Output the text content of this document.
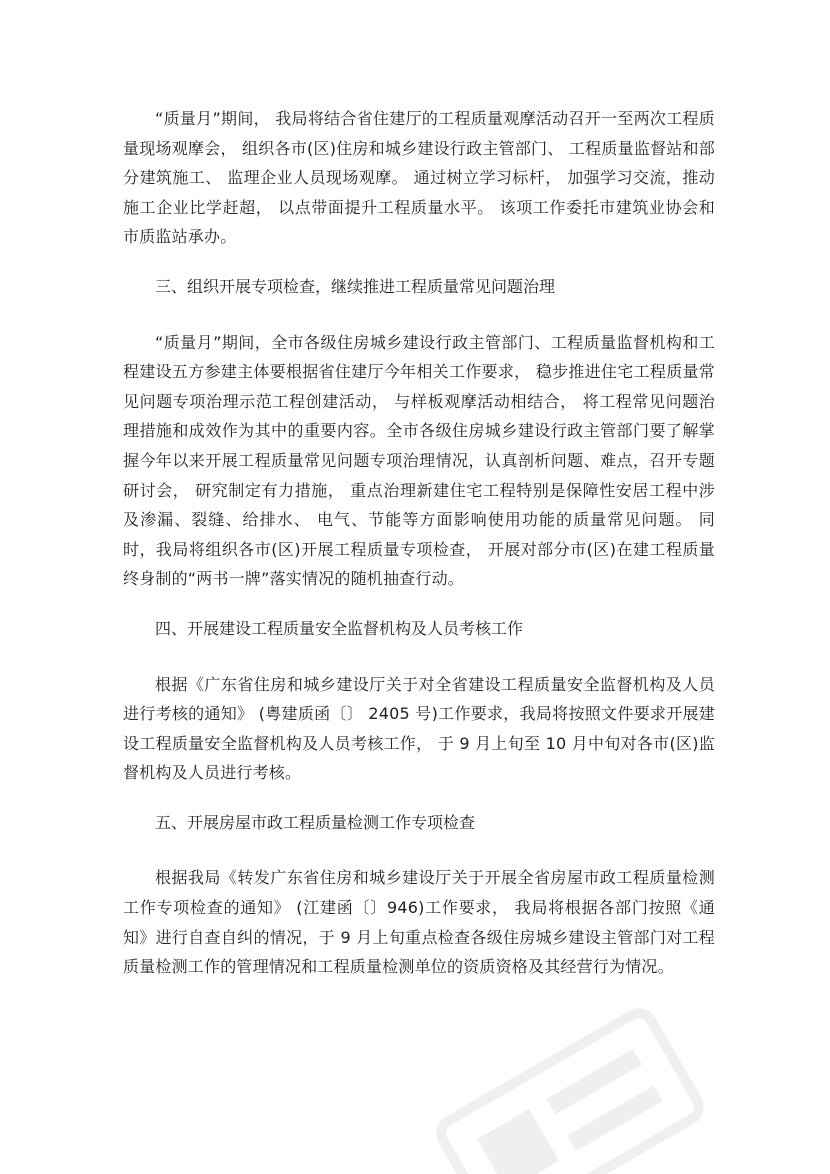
“质量月”期间， 我局将结合省住建厅的工程质量观摩活动召开一至两次工程质量现场观摩会， 组织各市(区)住房和城乡建设行政主管部门、 工程质量监督站和部分建筑施工、 监理企业人员现场观摩。 通过树立学习标杆， 加强学习交流，推动施工企业比学赶超， 以点带面提升工程质量水平。 该项工作委托市建筑业协会和市质监站承办。

三、组织开展专项检查，继续推进工程质量常见问题治理

“质量月”期间，全市各级住房城乡建设行政主管部门、工程质量监督机构和工程建设五方参建主体要根据省住建厅今年相关工作要求， 稳步推进住宅工程质量常见问题专项治理示范工程创建活动， 与样板观摩活动相结合， 将工程常见问题治理措施和成效作为其中的重要内容。全市各级住房城乡建设行政主管部门要了解掌握今年以来开展工程质量常见问题专项治理情况，认真剖析问题、难点，召开专题研讨会， 研究制定有力措施， 重点治理新建住宅工程特别是保障性安居工程中涉及渗漏、裂缝、给排水、 电气、节能等方面影响使用功能的质量常见问题。 同时，我局将组织各市(区)开展工程质量专项检查， 开展对部分市(区)在建工程质量终身制的“两书一牌”落实情况的随机抽查行动。

四、开展建设工程质量安全监督机构及人员考核工作

根据《广东省住房和城乡建设厅关于对全省建设工程质量安全监督机构及人员进行考核的通知》 (粤建质函〔〕 2405 号)工作要求，我局将按照文件要求开展建设工程质量安全监督机构及人员考核工作， 于 9 月上旬至 10 月中旬对各市(区)监督机构及人员进行考核。

五、开展房屋市政工程质量检测工作专项检查

根据我局《转发广东省住房和城乡建设厅关于开展全省房屋市政工程质量检测工作专项检查的通知》 (江建函〔〕946)工作要求， 我局将根据各部门按照《通知》进行自查自纠的情况，于 9 月上旬重点检查各级住房城乡建设主管部门对工程质量检测工作的管理情况和工程质量检测单位的资质资格及其经营行为情况。
